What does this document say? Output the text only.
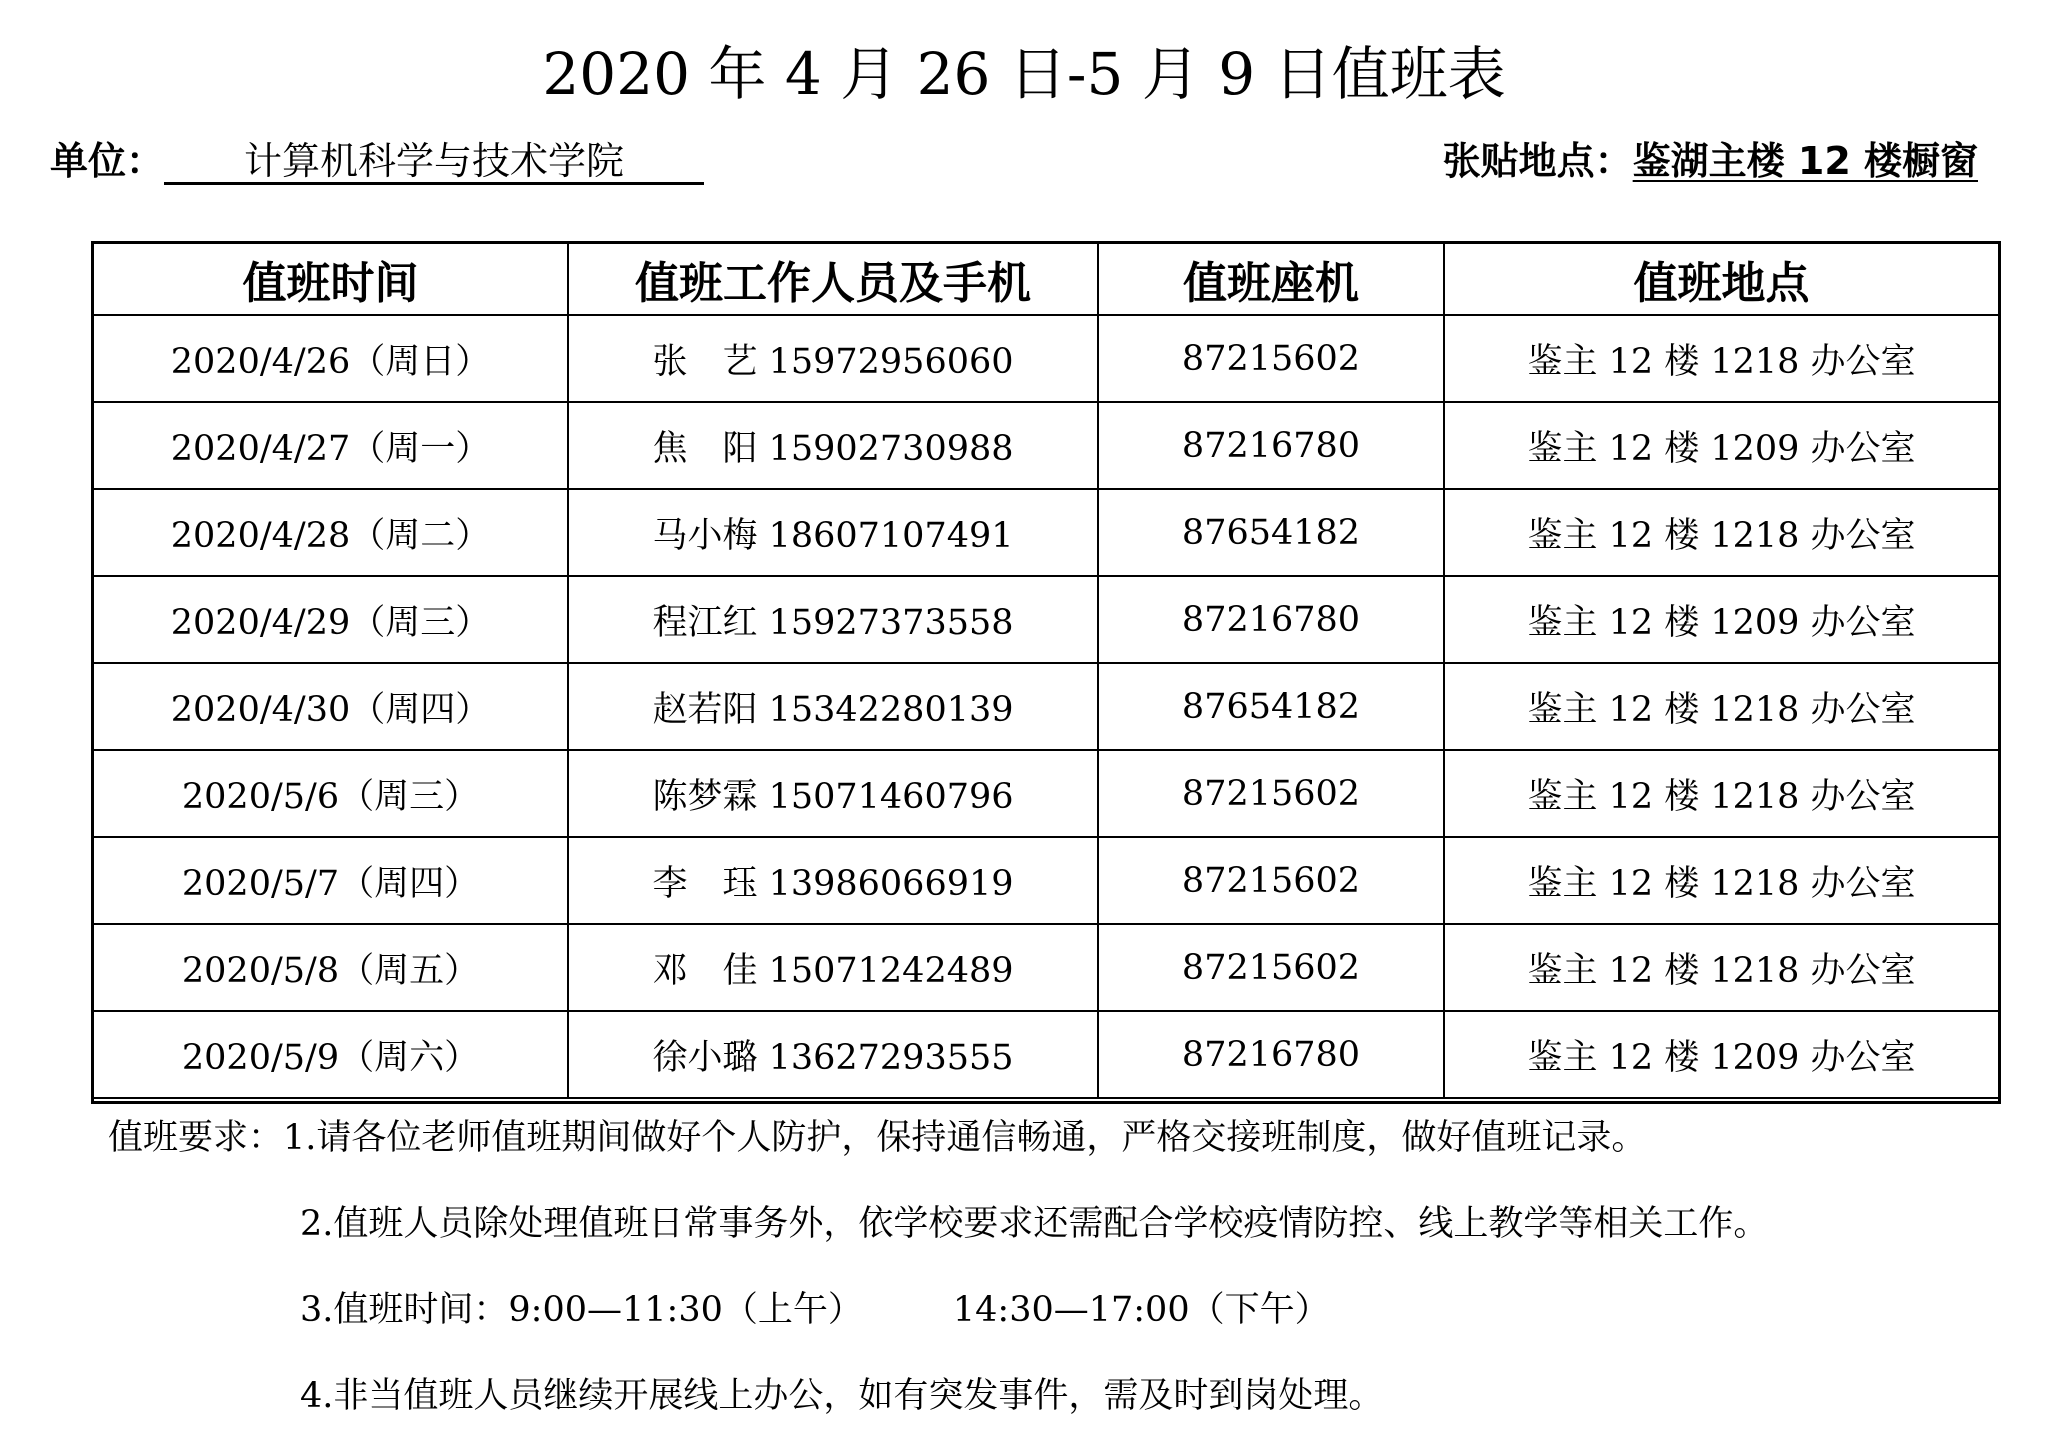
2020 年 4 月 26 日-5 月 9 日值班表
单位： 计算机科学与技术学院	张贴地点：鉴湖主楼 12 楼橱窗
值班时间	值班工作人员及手机	值班座机	值班地点
2020/4/26（周日）	张　艺 15972956060	87215602	鉴主 12 楼 1218 办公室
2020/4/27（周一）	焦　阳 15902730988	87216780	鉴主 12 楼 1209 办公室
2020/4/28（周二）	马小梅 18607107491	87654182	鉴主 12 楼 1218 办公室
2020/4/29（周三）	程江红 15927373558	87216780	鉴主 12 楼 1209 办公室
2020/4/30（周四）	赵若阳 15342280139	87654182	鉴主 12 楼 1218 办公室
2020/5/6（周三）	陈梦霖 15071460796	87215602	鉴主 12 楼 1218 办公室
2020/5/7（周四）	李　珏 13986066919	87215602	鉴主 12 楼 1218 办公室
2020/5/8（周五）	邓　佳 15071242489	87215602	鉴主 12 楼 1218 办公室
2020/5/9（周六）	徐小璐 13627293555	87216780	鉴主 12 楼 1209 办公室
值班要求：1.请各位老师值班期间做好个人防护，保持通信畅通，严格交接班制度，做好值班记录。
2.值班人员除处理值班日常事务外，依学校要求还需配合学校疫情防控、线上教学等相关工作。
3.值班时间：9:00—11:30（上午）	14:30—17:00（下午）
4.非当值班人员继续开展线上办公，如有突发事件，需及时到岗处理。
